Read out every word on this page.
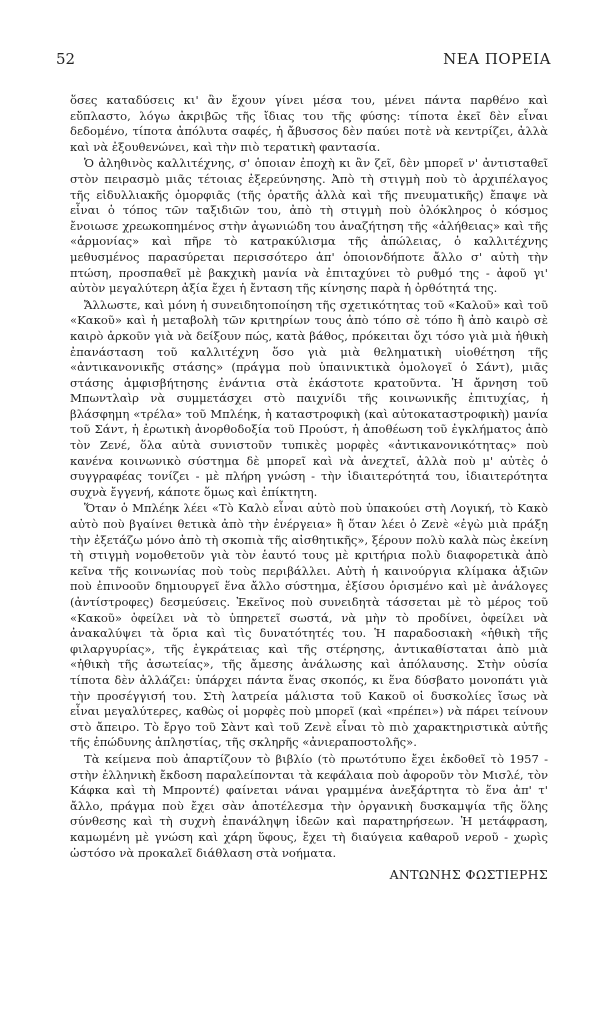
52	ΝΕΑ ΠΟΡΕΙΑ

ὅσες καταδύσεις κι' ἂν ἔχουν γίνει μέσα του, μένει πάντα παρθένο καὶ εὔπλαστο, λόγω ἀκριβῶς τῆς ἴδιας του τῆς φύσης: τίποτα ἐκεῖ δὲν εἶναι δεδομένο, τίποτα ἀπόλυτα σαφές, ἡ ἄβυσσος δὲν παύει ποτὲ νὰ κεντρίζει, ἀλλὰ καὶ νὰ ἐξουθενώνει, καὶ τὴν πιὸ τερατικὴ φαντασία.

Ὁ ἀληθινὸς καλλιτέχνης, σ' ὁποιαν ἐποχὴ κι ἂν ζεῖ, δὲν μπορεῖ ν' ἀντισταθεῖ στὸν πειρασμὸ μιᾶς τέτοιας ἐξερεύνησης. Ἀπὸ τὴ στιγμὴ ποὺ τὸ ἀρχιπέλαγος τῆς εἰδυλλιακῆς ὁμορφιᾶς (τῆς ὁρατῆς ἀλλὰ καὶ τῆς πνευματικῆς) ἔπαψε νὰ εἶναι ὁ τόπος τῶν ταξιδιῶν του, ἀπὸ τὴ στιγμὴ ποὺ ὁλόκληρος ὁ κόσμος ἔνοιωσε χρεωκοπημένος στὴν ἀγωνιώδη του ἀναζήτηση τῆς «ἀλήθειας» καὶ τῆς «ἁρμονίας» καὶ πῆρε τὸ κατρακύλισμα τῆς ἀπώλειας, ὁ καλλιτέχνης μεθυσμένος παρασύρεται περισσότερο ἀπ' ὁποιονδήποτε ἄλλο σ' αὐτὴ τὴν πτώση, προσπαθεῖ μὲ βακχικὴ μανία νὰ ἐπιταχύνει τὸ ρυθμό της - ἀφοῦ γι' αὐτὸν μεγαλύτερη ἀξία ἔχει ἡ ἔνταση τῆς κίνησης παρὰ ἡ ὀρθότητά της.

Ἄλλωστε, καὶ μόνη ἡ συνειδητοποίηση τῆς σχετικότητας τοῦ «Καλοῦ» καὶ τοῦ «Κακοῦ» καὶ ἡ μεταβολὴ τῶν κριτηρίων τους ἀπὸ τόπο σὲ τόπο ἢ ἀπὸ καιρὸ σὲ καιρὸ ἀρκοῦν γιὰ νὰ δείξουν πώς, κατὰ βάθος, πρόκειται ὄχι τόσο γιὰ μιὰ ἠθικὴ ἐπανάσταση τοῦ καλλιτέχνη ὅσο γιὰ μιὰ θεληματικὴ υἱοθέτηση τῆς «ἀντικανονικῆς στάσης» (πράγμα ποὺ ὑπαινικτικὰ ὁμολογεῖ ὁ Σάντ), μιᾶς στάσης ἀμφισβήτησης ἐνάντια στὰ ἑκάστοτε κρατοῦντα. Ἡ ἄρνηση τοῦ Μπωντλαὶρ νὰ συμμετάσχει στὸ παιχνίδι τῆς κοινωνικῆς ἐπιτυχίας, ἡ βλάσφημη «τρέλα» τοῦ Μπλέηκ, ἡ καταστροφικὴ (καὶ αὐτοκαταστροφικὴ) μανία τοῦ Σάντ, ἡ ἐρωτικὴ ἀνορθοδοξία τοῦ Προύστ, ἡ ἀποθέωση τοῦ ἐγκλήματος ἀπὸ τὸν Ζενέ, ὅλα αὐτὰ συνιστοῦν τυπικὲς μορφὲς «ἀντικανονικότητας» ποὺ κανένα κοινωνικὸ σύστημα δὲ μπορεῖ καὶ νὰ ἀνεχτεῖ, ἀλλὰ ποὺ μ' αὐτὲς ὁ συγγραφέας τονίζει - μὲ πλήρη γνώση - τὴν ἰδιαιτερότητά του, ἰδιαιτερότητα συχνὰ ἔγγενή, κάποτε ὅμως καὶ ἐπίκτητη.

Ὅταν ὁ Μπλέηκ λέει «Τὸ Καλὸ εἶναι αὐτὸ ποὺ ὑπακούει στὴ Λογική, τὸ Κακὸ αὐτὸ ποὺ βγαίνει θετικὰ ἀπὸ τὴν ἐνέργεια» ἢ ὅταν λέει ὁ Ζενὲ «ἐγὼ μιὰ πράξη τὴν ἐξετάζω μόνο ἀπὸ τὴ σκοπιὰ τῆς αἰσθητικῆς», ξέρουν πολὺ καλὰ πὼς ἐκείνη τὴ στιγμὴ νομοθετοῦν γιὰ τὸν ἑαυτό τους μὲ κριτήρια πολὺ διαφορετικὰ ἀπὸ κεῖνα τῆς κοινωνίας ποὺ τοὺς περιβάλλει. Αὐτὴ ἡ καινούργια κλίμακα ἀξιῶν ποὺ ἐπινοοῦν δημιουργεῖ ἕνα ἄλλο σύστημα, ἐξίσου ὁρισμένο καὶ μὲ ἀνάλογες (ἀντίστροφες) δεσμεύσεις. Ἐκεῖνος ποὺ συνειδητὰ τάσσεται μὲ τὸ μέρος τοῦ «Κακοῦ» ὀφείλει νὰ τὸ ὑπηρετεῖ σωστά, νὰ μὴν τὸ προδίνει, ὀφείλει νὰ ἀνακαλύψει τὰ ὅρια καὶ τὶς δυνατότητές του. Ἡ παραδοσιακὴ «ἠθικὴ τῆς φιλαργυρίας», τῆς ἐγκράτειας καὶ τῆς στέρησης, ἀντικαθίσταται ἀπὸ μιὰ «ἠθικὴ τῆς ἀσωτείας», τῆς ἄμεσης ἀνάλωσης καὶ ἀπόλαυσης. Στὴν οὐσία τίποτα δὲν ἀλλάζει: ὑπάρχει πάντα ἕνας σκοπός, κι ἕνα δύσβατο μονοπάτι γιὰ τὴν προσέγγισή του. Στὴ λατρεία μάλιστα τοῦ Κακοῦ οἱ δυσκολίες ἴσως νὰ εἶναι μεγαλύτερες, καθὼς οἱ μορφὲς ποὺ μπορεῖ (καὶ «πρέπει») νὰ πάρει τείνουν στὸ ἄπειρο. Τὸ ἔργο τοῦ Σὰντ καὶ τοῦ Ζενὲ εἶναι τὸ πιὸ χαρακτηριστικὰ αὐτῆς τῆς ἐπώδυνης ἀπληστίας, τῆς σκληρῆς «ἀνιεραποστολῆς».

Τὰ κείμενα ποὺ ἀπαρτίζουν τὸ βιβλίο (τὸ πρωτότυπο ἔχει ἐκδοθεῖ τὸ 1957 - στὴν ἑλληνικὴ ἔκδοση παραλείπονται τὰ κεφάλαια ποὺ ἀφοροῦν τὸν Μισλέ, τὸν Κάφκα καὶ τὴ Μπροντέ) φαίνεται νάναι γραμμένα ἀνεξάρτητα τὸ ἕνα ἀπ' τ' ἄλλο, πράγμα ποὺ ἔχει σὰν ἀποτέλεσμα τὴν ὀργανικὴ δυσκαμψία τῆς ὅλης σύνθεσης καὶ τὴ συχνὴ ἐπανάληψη ἰδεῶν καὶ παρατηρήσεων. Ἡ μετάφραση, καμωμένη μὲ γνώση καὶ χάρη ὕφους, ἔχει τὴ διαύγεια καθαροῦ νεροῦ - χωρὶς ὡστόσο νὰ προκαλεῖ διάθλαση στὰ νοήματα.

ΑΝΤΩΝΗΣ ΦΩΣΤΙΕΡΗΣ
